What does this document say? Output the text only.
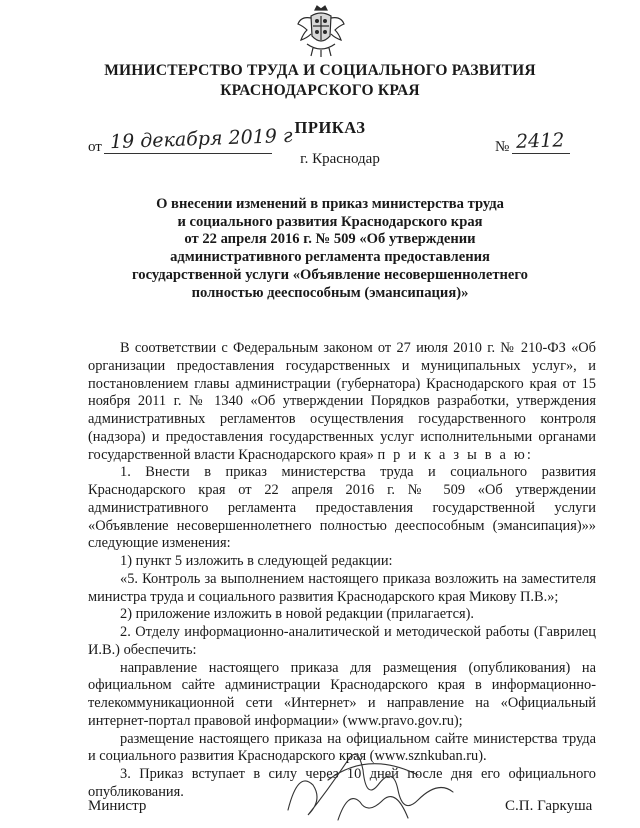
МИНИСТЕРСТВО ТРУДА И СОЦИАЛЬНОГО РАЗВИТИЯ
КРАСНОДАРСКОГО КРАЯ
ПРИКАЗ
от 19 декабря 2019 г	№ 2412
г. Краснодар
О внесении изменений в приказ министерства труда
и социального развития Краснодарского края
от 22 апреля 2016 г. № 509 «Об утверждении
административного регламента предоставления
государственной услуги «Объявление несовершеннолетнего
полностью дееспособным (эмансипация)»

В соответствии с Федеральным законом от 27 июля 2010 г. № 210-ФЗ «Об организации предоставления государственных и муниципальных услуг», и постановлением главы администрации (губернатора) Краснодарского края от 15 ноября 2011 г. № 1340 «Об утверждении Порядков разработки, утверждения административных регламентов осуществления государственного контроля (надзора) и предоставления государственных услуг исполнительными органами государственной власти Краснодарского края» п р и к а з ы в а ю:

1. Внести в приказ министерства труда и социального развития Краснодарского края от 22 апреля 2016 г. № 509 «Об утверждении административного регламента предоставления государственной услуги «Объявление несовершеннолетнего полностью дееспособным (эмансипация)»» следующие изменения:

1) пункт 5 изложить в следующей редакции:

«5. Контроль за выполнением настоящего приказа возложить на заместителя министра труда и социального развития Краснодарского края Микову П.В.»;

2) приложение изложить в новой редакции (прилагается).

2. Отделу информационно-аналитической и методической работы (Гаврилец И.В.) обеспечить:

направление настоящего приказа для размещения (опубликования) на официальном сайте администрации Краснодарского края в информационно-телекоммуникационной сети «Интернет» и направление на «Официальный интернет-портал правовой информации» (www.pravo.gov.ru);

размещение настоящего приказа на официальном сайте министерства труда и социального развития Краснодарского края (www.sznkuban.ru).

3. Приказ вступает в силу через 10 дней после дня его официального опубликования.

Министр	С.П. Гаркуша
